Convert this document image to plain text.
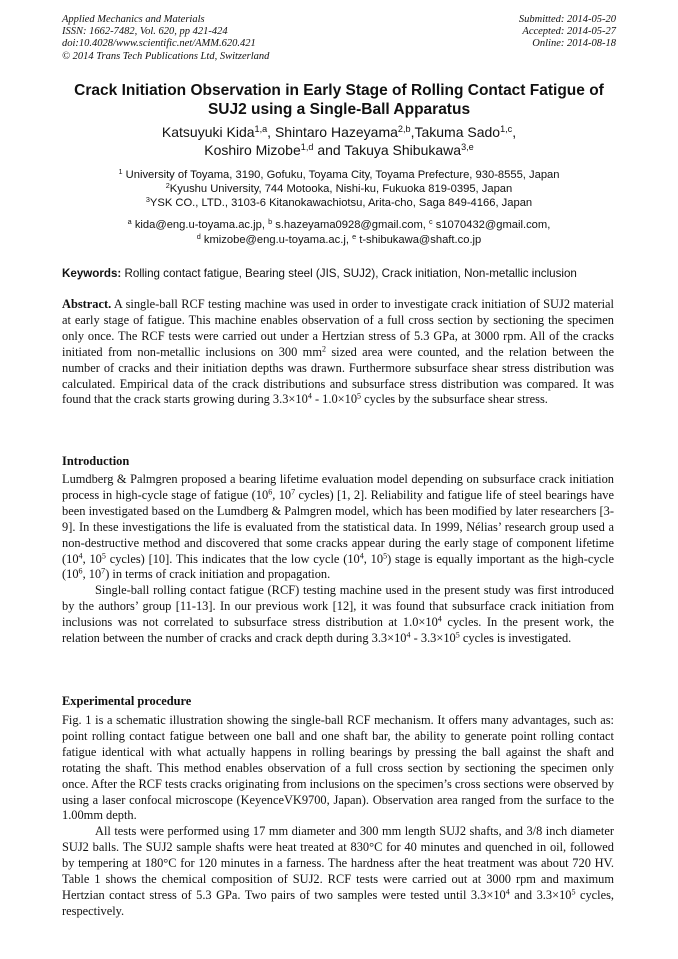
Applied Mechanics and Materials
ISSN: 1662-7482, Vol. 620, pp 421-424
doi:10.4028/www.scientific.net/AMM.620.421
© 2014 Trans Tech Publications Ltd, Switzerland
Submitted: 2014-05-20
Accepted: 2014-05-27
Online: 2014-08-18
Crack Initiation Observation in Early Stage of Rolling Contact Fatigue of
SUJ2 using a Single-Ball Apparatus
Katsuyuki Kida$^{1,a}$, Shintaro Hazeyama$^{2,b}$,Takuma Sado$^{1,c}$,
Koshiro Mizobe$^{1,d}$ and Takuya Shibukawa$^{3,e}$
$^1$ University of Toyama, 3190, Gofuku, Toyama City, Toyama Prefecture, 930-8555, Japan
$^2$Kyushu University, 744 Motooka, Nishi-ku, Fukuoka 819-0395, Japan
$^3$YSK CO., LTD., 3103-6 Kitanokawachiotsu, Arita-cho, Saga 849-4166, Japan
$^a$ kida@eng.u-toyama.ac.jp, $^b$ s.hazeyama0928@gmail.com, $^c$ s1070432@gmail.com,
$^d$ kmizobe@eng.u-toyama.ac.j, $^e$ t-shibukawa@shaft.co.jp
Keywords: Rolling contact fatigue, Bearing steel (JIS, SUJ2), Crack initiation, Non-metallic inclusion

Abstract. A single-ball RCF testing machine was used in order to investigate crack initiation of SUJ2 material at early stage of fatigue. This machine enables observation of a full cross section by sectioning the specimen only once. The RCF tests were carried out under a Hertzian stress of 5.3 GPa, at 3000 rpm. All of the cracks initiated from non-metallic inclusions on 300 $mm^2$ sized area were counted, and the relation between the number of cracks and their initiation depths was drawn. Furthermore subsurface shear stress distribution was calculated. Empirical data of the crack distributions and subsurface stress distribution was compared. It was found that the crack starts growing during $3.3\times 10^4 - 1.0\times 10^5$ cycles by the subsurface shear stress.

Introduction

Lumdberg & Palmgren proposed a bearing lifetime evaluation model depending on subsurface crack initiation process in high-cycle stage of fatigue ($10^6$, $10^7$ cycles) [1, 2]. Reliability and fatigue life of steel bearings have been investigated based on the Lumdberg & Palmgren model, which has been modified by later researchers [3-9]. In these investigations the life is evaluated from the statistical data. In 1999, Nélias’ research group used a non-destructive method and discovered that some cracks appear during the early stage of component lifetime ($10^4$, $10^5$ cycles) [10]. This indicates that the low cycle ($10^4$, $10^5$) stage is equally important as the high-cycle ($10^6$, $10^7$) in terms of crack initiation and propagation.

Single-ball rolling contact fatigue (RCF) testing machine used in the present study was first introduced by the authors’ group [11-13]. In our previous work [12], it was found that subsurface crack initiation from inclusions was not correlated to subsurface stress distribution at $1.0\times 10^4$ cycles. In the present work, the relation between the number of cracks and crack depth during $3.3\times 10^4 - 3.3\times 10^5$ cycles is investigated.

Experimental procedure

Fig. 1 is a schematic illustration showing the single-ball RCF mechanism. It offers many advantages, such as: point rolling contact fatigue between one ball and one shaft bar, the ability to generate point rolling contact fatigue identical with what actually happens in rolling bearings by pressing the ball against the shaft and rotating the shaft. This method enables observation of a full cross section by sectioning the specimen only once. After the RCF tests cracks originating from inclusions on the specimen’s cross sections were observed by using a laser confocal microscope (KeyenceVK9700, Japan). Observation area ranged from the surface to the 1.00mm depth.

All tests were performed using 17 mm diameter and 300 mm length SUJ2 shafts, and 3/8 inch diameter SUJ2 balls. The SUJ2 sample shafts were heat treated at 830°C for 40 minutes and quenched in oil, followed by tempering at 180°C for 120 minutes in a farness. The hardness after the heat treatment was about 720 HV. Table 1 shows the chemical composition of SUJ2. RCF tests were carried out at 3000 rpm and maximum Hertzian contact stress of 5.3 GPa. Two pairs of two samples were tested until $3.3\times 10^4$ and $3.3\times 10^5$ cycles, respectively.
